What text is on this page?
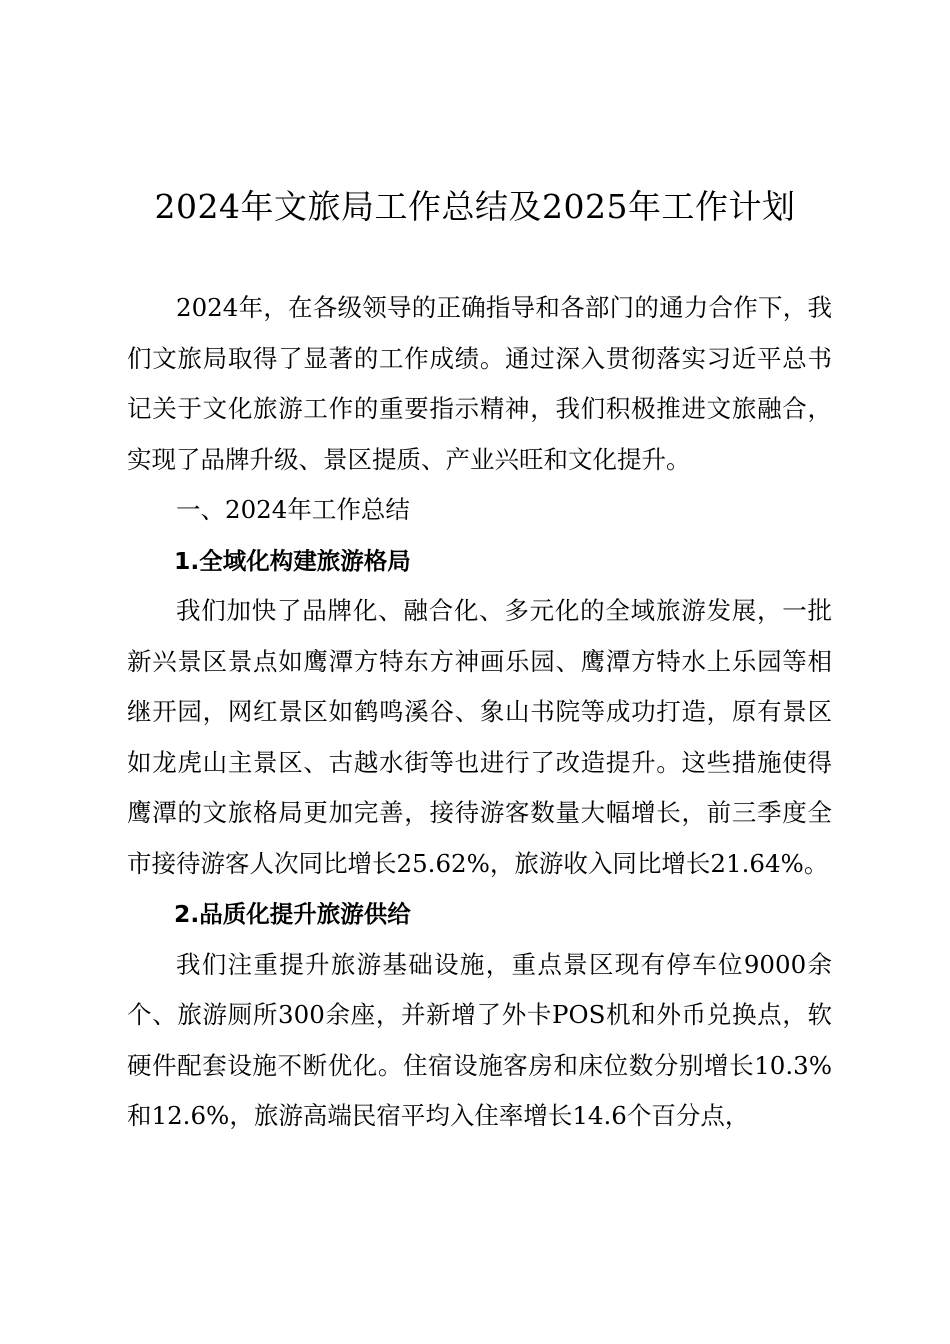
2024年文旅局工作总结及2025年工作计划

2024年，在各级领导的正确指导和各部门的通力合作下，我们文旅局取得了显著的工作成绩。通过深入贯彻落实习近平总书记关于文化旅游工作的重要指示精神，我们积极推进文旅融合，实现了品牌升级、景区提质、产业兴旺和文化提升。

一、2024年工作总结

1.全域化构建旅游格局

我们加快了品牌化、融合化、多元化的全域旅游发展，一批新兴景区景点如鹰潭方特东方神画乐园、鹰潭方特水上乐园等相继开园，网红景区如鹤鸣溪谷、象山书院等成功打造，原有景区如龙虎山主景区、古越水街等也进行了改造提升。这些措施使得鹰潭的文旅格局更加完善，接待游客数量大幅增长，前三季度全市接待游客人次同比增长25.62%，旅游收入同比增长21.64%。

2.品质化提升旅游供给

我们注重提升旅游基础设施，重点景区现有停车位9000余个、旅游厕所300余座，并新增了外卡POS机和外币兑换点，软硬件配套设施不断优化。住宿设施客房和床位数分别增长10.3%和12.6%，旅游高端民宿平均入住率增长14.6个百分点，
